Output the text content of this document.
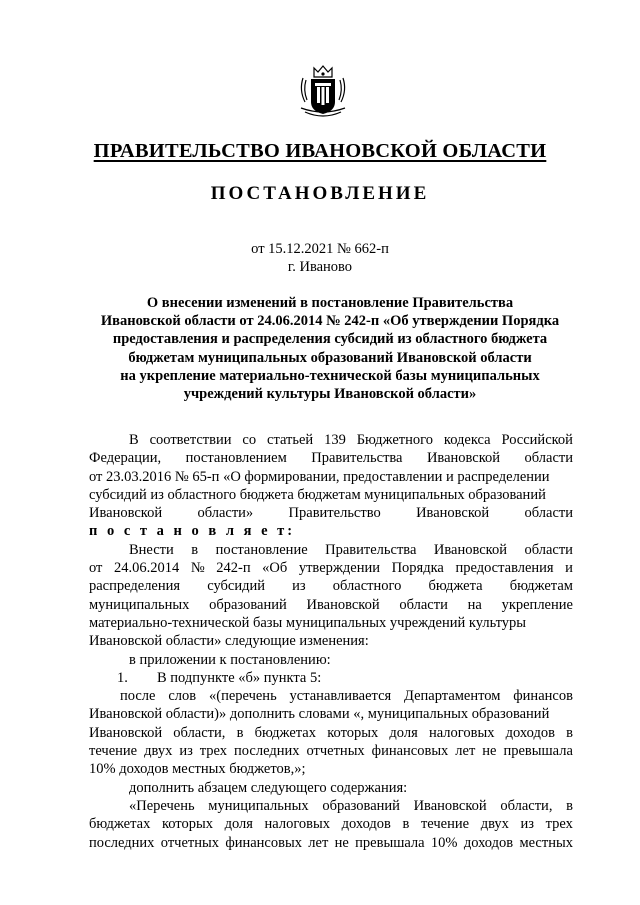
ПРАВИТЕЛЬСТВО ИВАНОВСКОЙ ОБЛАСТИ
ПОСТАНОВЛЕНИЕ
от 15.12.2021 № 662-п
г. Иваново
О внесении изменений в постановление Правительства
Ивановской области от 24.06.2014 № 242-п «Об утверждении Порядка
предоставления и распределения субсидий из областного бюджета
бюджетам муниципальных образований Ивановской области
на укрепление материально-технической базы муниципальных
учреждений культуры Ивановской области»
В соответствии со статьей 139 Бюджетного кодекса Российской
Федерации, постановлением Правительства Ивановской области
от 23.03.2016 № 65-п «О формировании, предоставлении и распределении
субсидий из областного бюджета бюджетам муниципальных образований
Ивановской области» Правительство Ивановской области
п о с т а н о в л я е т:
Внести в постановление Правительства Ивановской области
от 24.06.2014 № 242-п «Об утверждении Порядка предоставления и
распределения субсидий из областного бюджета бюджетам
муниципальных образований Ивановской области на укрепление
материально-технической базы муниципальных учреждений культуры
Ивановской области» следующие изменения:
в приложении к постановлению:
1. В подпункте «б» пункта 5:
после слов «(перечень устанавливается Департаментом финансов
Ивановской области)» дополнить словами «, муниципальных образований
Ивановской области, в бюджетах которых доля налоговых доходов в
течение двух из трех последних отчетных финансовых лет не превышала
10% доходов местных бюджетов,»;
дополнить абзацем следующего содержания:
«Перечень муниципальных образований Ивановской области, в
бюджетах которых доля налоговых доходов в течение двух из трех
последних отчетных финансовых лет не превышала 10% доходов местных
